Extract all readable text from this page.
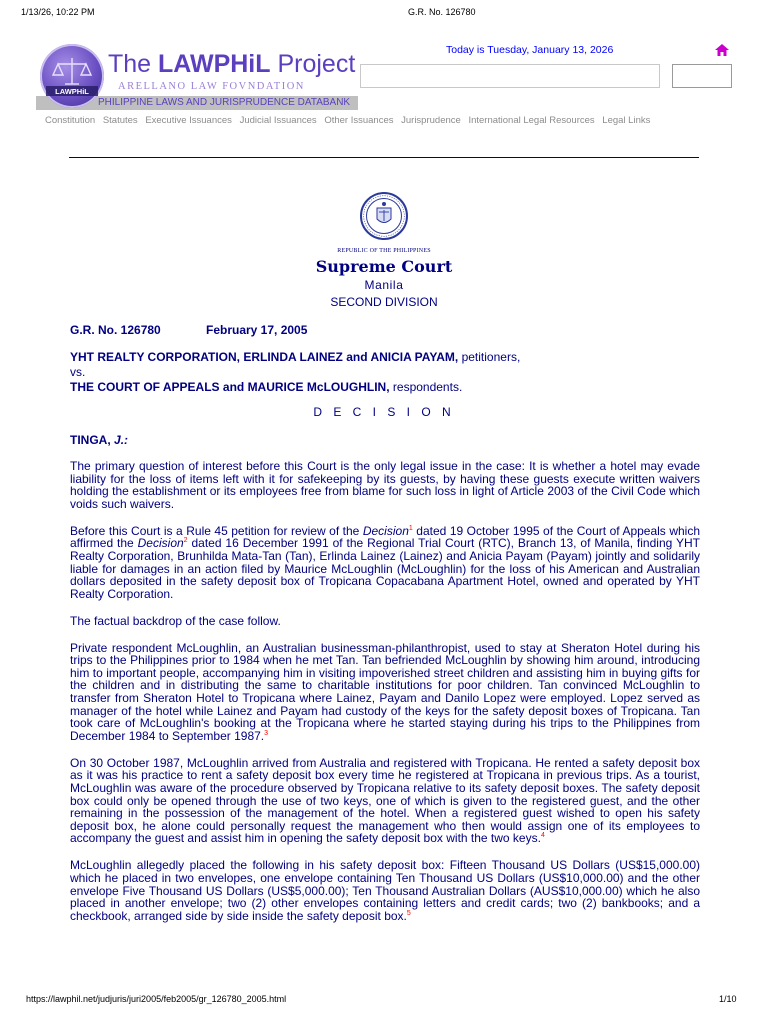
1/13/26, 10:22 PM	G.R. No. 126780
PHILIPPINE LAWS AND JURISPRUDENCE DATABANK
LAWPHiL
The LAWPHiL Project
ARELLANO LAW FOVNDATION
Today is Tuesday, January 13, 2026
Constitution Statutes Executive Issuances Judicial Issuances Other Issuances Jurisprudence International Legal Resources Legal Links
REPUBLIC OF THE PHILIPPINES
Supreme Court
Manila
SECOND DIVISION
G.R. No. 126780	February 17, 2005
YHT REALTY CORPORATION, ERLINDA LAINEZ and ANICIA PAYAM, petitioners,
vs.
THE COURT OF APPEALS and MAURICE McLOUGHLIN, respondents.
D E C I S I O N
TINGA, J.:

The primary question of interest before this Court is the only legal issue in the case: It is whether a hotel may evade liability for the loss of items left with it for safekeeping by its guests, by having these guests execute written waivers holding the establishment or its employees free from blame for such loss in light of Article 2003 of the Civil Code which voids such waivers.

Before this Court is a Rule 45 petition for review of the Decision$^1$ dated 19 October 1995 of the Court of Appeals which affirmed the Decision$^2$ dated 16 December 1991 of the Regional Trial Court (RTC), Branch 13, of Manila, finding YHT Realty Corporation, Brunhilda Mata-Tan (Tan), Erlinda Lainez (Lainez) and Anicia Payam (Payam) jointly and solidarily liable for damages in an action filed by Maurice McLoughlin (McLoughlin) for the loss of his American and Australian dollars deposited in the safety deposit box of Tropicana Copacabana Apartment Hotel, owned and operated by YHT Realty Corporation.

The factual backdrop of the case follow.

Private respondent McLoughlin, an Australian businessman-philanthropist, used to stay at Sheraton Hotel during his trips to the Philippines prior to 1984 when he met Tan. Tan befriended McLoughlin by showing him around, introducing him to important people, accompanying him in visiting impoverished street children and assisting him in buying gifts for the children and in distributing the same to charitable institutions for poor children. Tan convinced McLoughlin to transfer from Sheraton Hotel to Tropicana where Lainez, Payam and Danilo Lopez were employed. Lopez served as manager of the hotel while Lainez and Payam had custody of the keys for the safety deposit boxes of Tropicana. Tan took care of McLoughlin's booking at the Tropicana where he started staying during his trips to the Philippines from December 1984 to September 1987.$^3$

On 30 October 1987, McLoughlin arrived from Australia and registered with Tropicana. He rented a safety deposit box as it was his practice to rent a safety deposit box every time he registered at Tropicana in previous trips. As a tourist, McLoughlin was aware of the procedure observed by Tropicana relative to its safety deposit boxes. The safety deposit box could only be opened through the use of two keys, one of which is given to the registered guest, and the other remaining in the possession of the management of the hotel. When a registered guest wished to open his safety deposit box, he alone could personally request the management who then would assign one of its employees to accompany the guest and assist him in opening the safety deposit box with the two keys.$^4$

McLoughlin allegedly placed the following in his safety deposit box: Fifteen Thousand US Dollars (US$15,000.00) which he placed in two envelopes, one envelope containing Ten Thousand US Dollars (US$10,000.00) and the other envelope Five Thousand US Dollars (US$5,000.00); Ten Thousand Australian Dollars (AUS$10,000.00) which he also placed in another envelope; two (2) other envelopes containing letters and credit cards; two (2) bankbooks; and a checkbook, arranged side by side inside the safety deposit box.$^5$

https://lawphil.net/judjuris/juri2005/feb2005/gr_126780_2005.html	1/10
